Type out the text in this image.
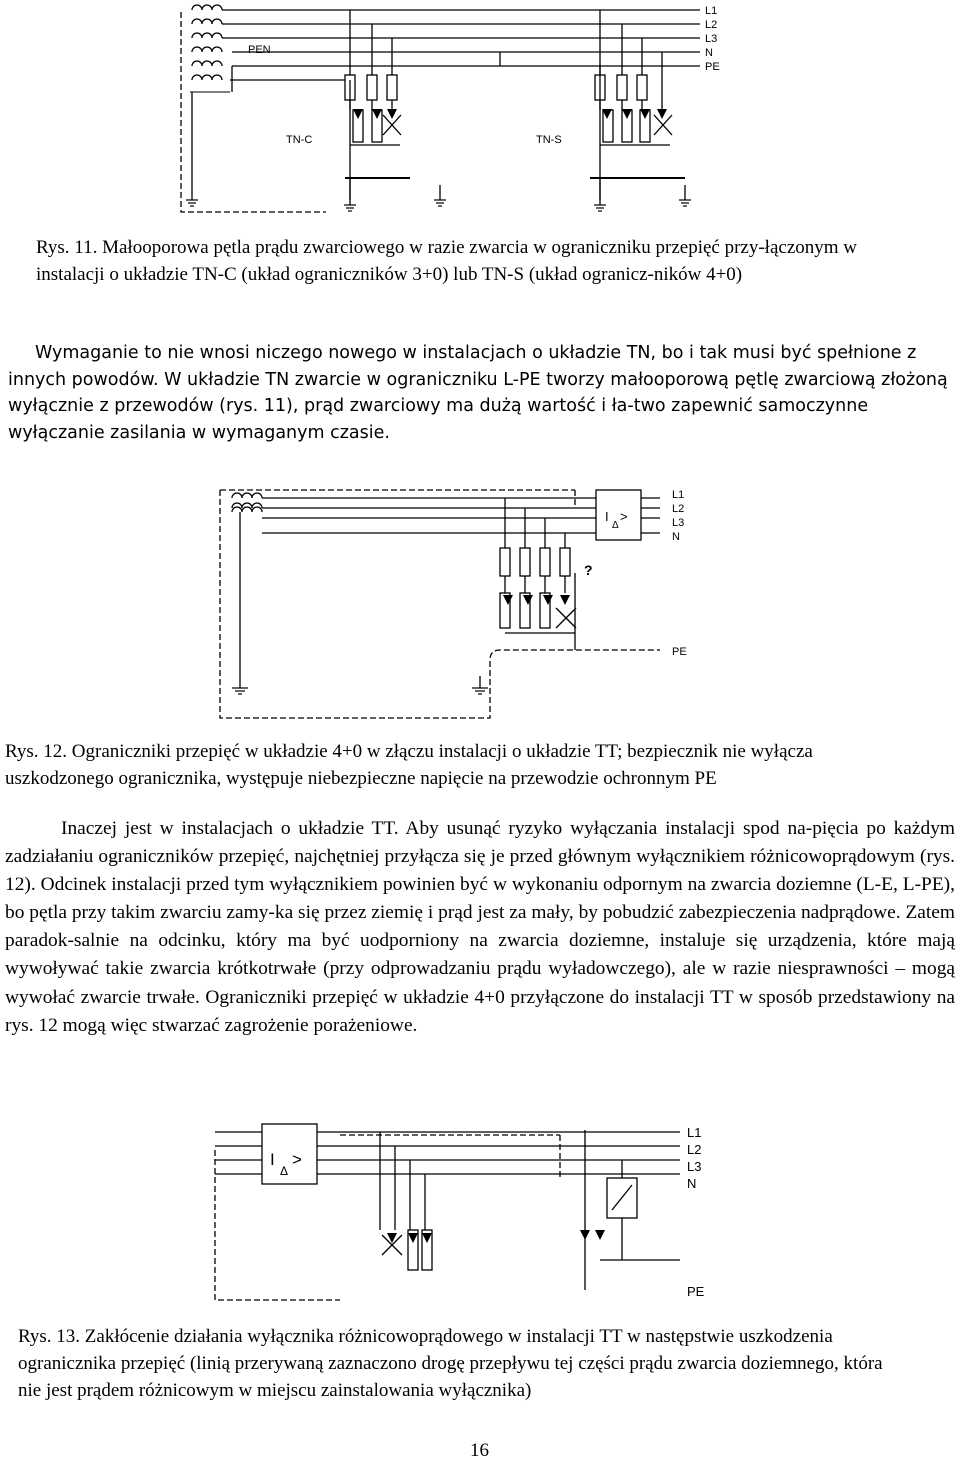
PEN
L1
L2
L3
N
PE
TN-C	TN-S

Rys. 11. Małooporowa pętla prądu zwarciowego w razie zwarcia w ograniczniku przepięć przy-łączonym w instalacji o układzie TN-C (układ ograniczników 3+0) lub TN-S (układ ogranicz-ników 4+0)

Wymaganie to nie wnosi niczego nowego w instalacjach o układzie TN, bo i tak musi być spełnione z innych powodów. W układzie TN zwarcie w ograniczniku L-PE tworzy małooporową pętlę zwarciową złożoną wyłącznie z przewodów (rys. 11), prąd zwarciowy ma dużą wartość i ła-two zapewnić samoczynne wyłączanie zasilania w wymaganym czasie.

I
Δ
>
?
L1
L2
L3
N
PE

Rys. 12. Ograniczniki przepięć w układzie 4+0 w złączu instalacji o układzie TT; bezpiecznik nie wyłącza uszkodzonego ogranicznika, występuje niebezpieczne napięcie na przewodzie ochronnym PE

Inaczej jest w instalacjach o układzie TT. Aby usunąć ryzyko wyłączania instalacji spod na-pięcia po każdym zadziałaniu ograniczników przepięć, najchętniej przyłącza się je przed głównym wyłącznikiem różnicowoprądowym (rys. 12). Odcinek instalacji przed tym wyłącznikiem powinien być w wykonaniu odpornym na zwarcia doziemne (L-E, L-PE), bo pętla przy takim zwarciu zamy-ka się przez ziemię i prąd jest za mały, by pobudzić zabezpieczenia nadprądowe. Zatem paradok-salnie na odcinku, który ma być uodporniony na zwarcia doziemne, instaluje się urządzenia, które mają wywoływać takie zwarcia krótkotrwałe (przy odprowadzaniu prądu wyładowczego), ale w razie niesprawności – mogą wywołać zwarcie trwałe. Ograniczniki przepięć w układzie 4+0 przyłączone do instalacji TT w sposób przedstawiony na rys. 12 mogą więc stwarzać zagrożenie porażeniowe.

I
Δ
>
L1
L2
L3
N
PE

Rys. 13. Zakłócenie działania wyłącznika różnicowoprądowego w instalacji TT w następstwie uszkodzenia ogranicznika przepięć (linią przerywaną zaznaczono drogę przepływu tej części prądu zwarcia doziemnego, która nie jest prądem różnicowym w miejscu zainstalowania wyłącznika)

16
